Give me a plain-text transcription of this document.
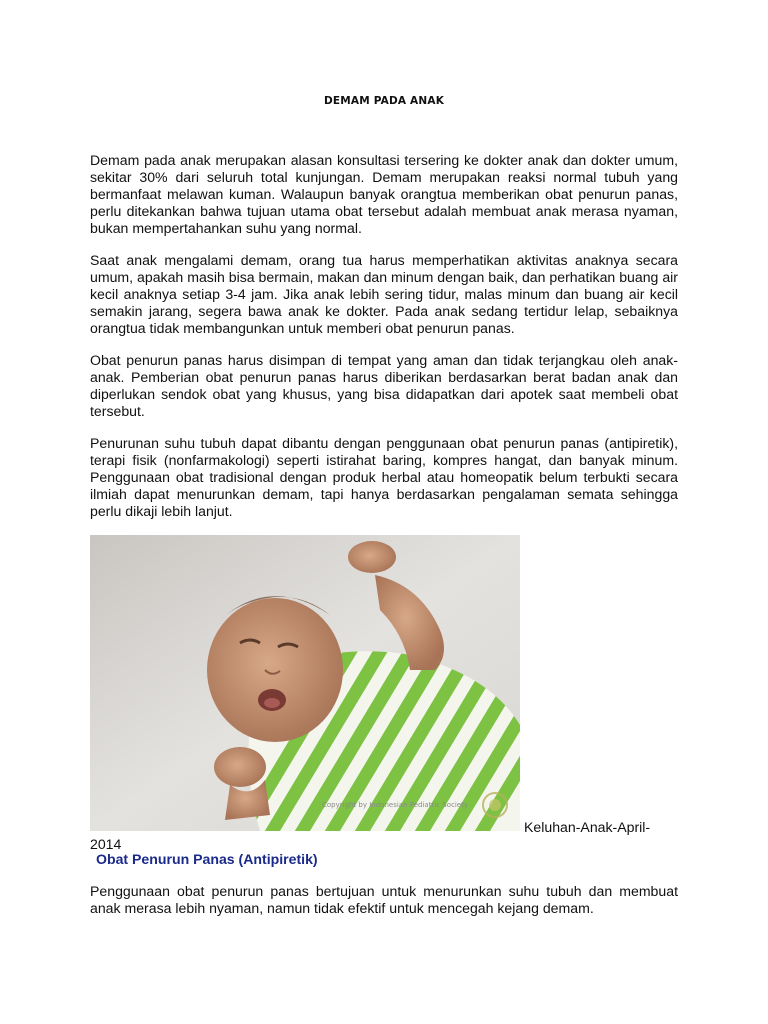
DEMAM PADA ANAK

Demam pada anak merupakan alasan konsultasi tersering ke dokter anak dan dokter umum, sekitar 30% dari seluruh total kunjungan. Demam merupakan reaksi normal tubuh yang bermanfaat melawan kuman. Walaupun banyak orangtua memberikan obat penurun panas, perlu ditekankan bahwa tujuan utama obat tersebut adalah membuat anak merasa nyaman, bukan mempertahankan suhu yang normal.

Saat anak mengalami demam, orang tua harus memperhatikan aktivitas anaknya secara umum, apakah masih bisa bermain, makan dan minum dengan baik, dan perhatikan buang air kecil anaknya setiap 3-4 jam. Jika anak lebih sering tidur, malas minum dan buang air kecil semakin jarang, segera bawa anak ke dokter. Pada anak sedang tertidur lelap, sebaiknya orangtua tidak membangunkan untuk memberi obat penurun panas.

Obat penurun panas harus disimpan di tempat yang aman dan tidak terjangkau oleh anak-anak. Pemberian obat penurun panas harus diberikan berdasarkan berat badan anak dan diperlukan sendok obat yang khusus, yang bisa didapatkan dari apotek saat membeli obat tersebut.

Penurunan suhu tubuh dapat dibantu dengan penggunaan obat penurun panas (antipiretik), terapi fisik (nonfarmakologi) seperti istirahat baring, kompres hangat, dan banyak minum. Penggunaan obat tradisional dengan produk herbal atau homeopatik belum terbukti secara ilmiah dapat menurunkan demam, tapi hanya berdasarkan pengalaman semata sehingga perlu dikaji lebih lanjut.

Copyright by Indonesian Pediatric Society
Keluhan-Anak-April-
2014
Obat Penurun Panas (Antipiretik)

Penggunaan obat penurun panas bertujuan untuk menurunkan suhu tubuh dan membuat anak merasa lebih nyaman, namun tidak efektif untuk mencegah kejang demam.
